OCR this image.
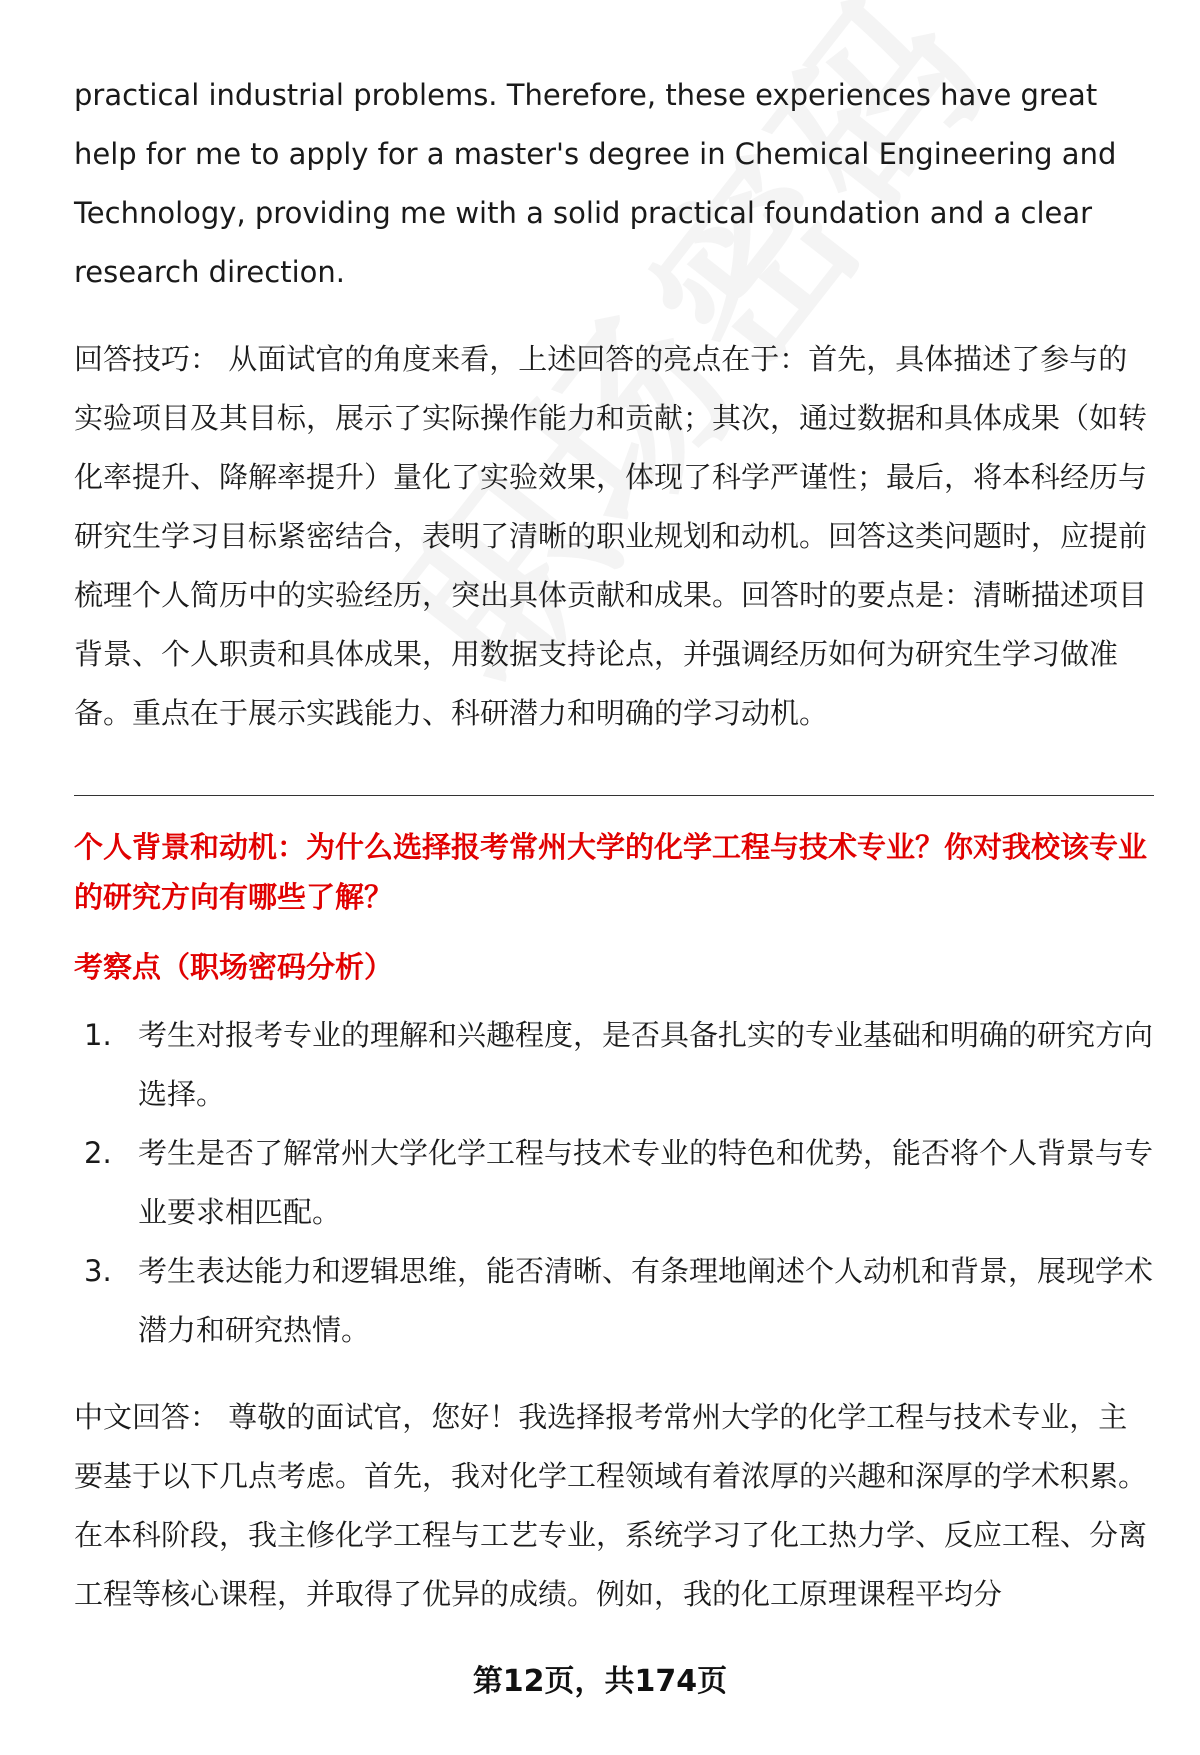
practical industrial problems. Therefore, these experiences have great help for me to apply for a master's degree in Chemical Engineering and Technology, providing me with a solid practical foundation and a clear research direction.

回答技巧： 从面试官的角度来看，上述回答的亮点在于：首先，具体描述了参与的实验项目及其目标，展示了实际操作能力和贡献；其次，通过数据和具体成果（如转化率提升、降解率提升）量化了实验效果，体现了科学严谨性；最后，将本科经历与研究生学习目标紧密结合，表明了清晰的职业规划和动机。回答这类问题时，应提前梳理个人简历中的实验经历，突出具体贡献和成果。回答时的要点是：清晰描述项目背景、个人职责和具体成果，用数据支持论点，并强调经历如何为研究生学习做准备。重点在于展示实践能力、科研潜力和明确的学习动机。

个人背景和动机：为什么选择报考常州大学的化学工程与技术专业？你对我校该专业的研究方向有哪些了解？

考察点（职场密码分析）

1. 考生对报考专业的理解和兴趣程度，是否具备扎实的专业基础和明确的研究方向选择。
2. 考生是否了解常州大学化学工程与技术专业的特色和优势，能否将个人背景与专业要求相匹配。
3. 考生表达能力和逻辑思维，能否清晰、有条理地阐述个人动机和背景，展现学术潜力和研究热情。

中文回答： 尊敬的面试官，您好！我选择报考常州大学的化学工程与技术专业，主要基于以下几点考虑。首先，我对化学工程领域有着浓厚的兴趣和深厚的学术积累。在本科阶段，我主修化学工程与工艺专业，系统学习了化工热力学、反应工程、分离工程等核心课程，并取得了优异的成绩。例如，我的化工原理课程平均分

第12页，共174页
